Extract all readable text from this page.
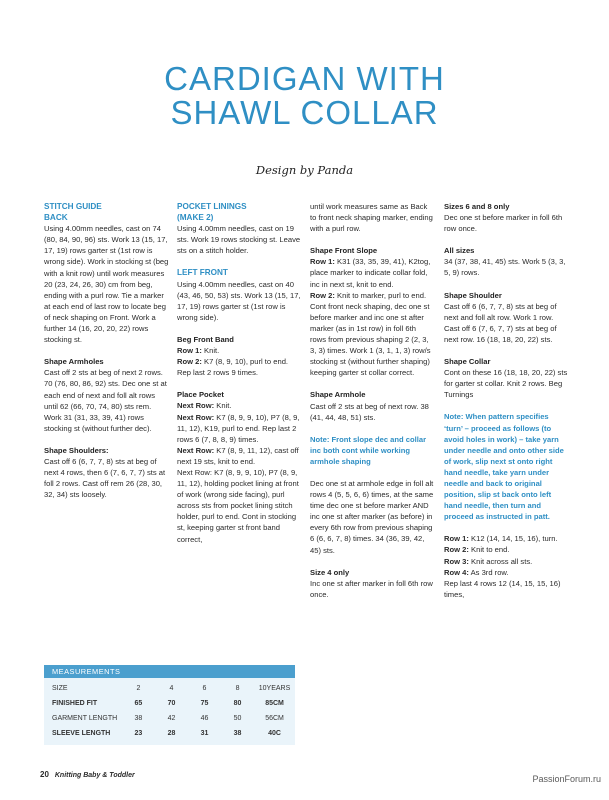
CARDIGAN WITH
SHAWL COLLAR
Design by Panda
STITCH GUIDE
BACK

Using 4.00mm needles, cast on 74 (80, 84, 90, 96) sts. Work 13 (15, 17, 17, 19) rows garter st (1st row is wrong side). Work in stocking st (beg with a knit row) until work measures 20 (23, 24, 26, 30) cm from beg, ending with a purl row. Tie a marker at each end of last row to locate beg of neck shaping on Front. Work a further 14 (16, 20, 20, 22) rows stocking st.

Shape Armholes

Cast off 2 sts at beg of next 2 rows. 70 (76, 80, 86, 92) sts. Dec one st at each end of next and foll alt rows until 62 (66, 70, 74, 80) sts rem. Work 31 (31, 33, 39, 41) rows stocking st (without further dec).

Shape Shoulders:

Cast off 6 (6, 7, 7, 8) sts at beg of next 4 rows, then 6 (7, 6, 7, 7) sts at foll 2 rows. Cast off rem 26 (28, 30, 32, 34) sts loosely.

POCKET LININGS
(MAKE 2)

Using 4.00mm needles, cast on 19 sts. Work 19 rows stocking st. Leave sts on a stitch holder.

LEFT FRONT

Using 4.00mm needles, cast on 40 (43, 46, 50, 53) sts. Work 13 (15, 17, 17, 19) rows garter st (1st row is wrong side).

Beg Front Band

Row 1: Knit.

Row 2: K7 (8, 9, 10), purl to end.

Rep last 2 rows 9 times.

Place Pocket

Next Row: Knit.

Next Row: K7 (8, 9, 9, 10), P7 (8, 9, 11, 12), K19, purl to end. Rep last 2 rows 6 (7, 8, 8, 9) times.

Next Row: K7 (8, 9, 11, 12), cast off next 19 sts, knit to end.

Next Row: K7 (8, 9, 9, 10), P7 (8, 9, 11, 12), holding pocket lining at front of work (wrong side facing), purl across sts from pocket lining stitch holder, purl to end. Cont in stocking st, keeping garter st front band correct,

until work measures same as Back to front neck shaping marker, ending with a purl row.

Shape Front Slope

Row 1: K31 (33, 35, 39, 41), K2tog, place marker to indicate collar fold, inc in next st, knit to end.

Row 2: Knit to marker, purl to end.

Cont front neck shaping, dec one st before marker and inc one st after marker (as in 1st row) in foll 6th rows from previous shaping 2 (2, 3, 3, 3) times. Work 1 (3, 1, 1, 3) row/s stocking st (without further shaping) keeping garter st collar correct.

Shape Armhole

Cast off 2 sts at beg of next row. 38 (41, 44, 48, 51) sts.

Note: Front slope dec and collar inc both cont while working armhole shaping

Dec one st at armhole edge in foll alt rows 4 (5, 5, 6, 6) times, at the same time dec one st before marker AND inc one st after marker (as before) in every 6th row from previous shaping 6 (6, 6, 7, 8) times. 34 (36, 39, 42, 45) sts.

Size 4 only

Inc one st after marker in foll 6th row once.

Sizes 6 and 8 only

Dec one st before marker in foll 6th row once.

All sizes

34 (37, 38, 41, 45) sts. Work 5 (3, 3, 5, 9) rows.

Shape Shoulder

Cast off 6 (6, 7, 7, 8) sts at beg of next and foll alt row. Work 1 row. Cast off 6 (7, 6, 7, 7) sts at beg of next row. 16 (18, 18, 20, 22) sts.

Shape Collar

Cont on these 16 (18, 18, 20, 22) sts for garter st collar. Knit 2 rows. Beg Turnings

Note: When pattern specifies ‘turn’ – proceed as follows (to avoid holes in work) – take yarn under needle and onto other side of work, slip next st onto right hand needle, take yarn under needle and back to original position, slip st back onto left hand needle, then turn and proceed as instructed in patt.

Row 1: K12 (14, 14, 15, 16), turn.

Row 2: Knit to end.

Row 3: Knit across all sts.

Row 4: As 3rd row.

Rep last 4 rows 12 (14, 15, 15, 16) times,

MEASUREMENTS
SIZE	2	4	6	8	10YEARS
FINISHED FIT	65	70	75	80	85CM
GARMENT LENGTH	38	42	46	50	56CM
SLEEVE LENGTH	23	28	31	38	40C
20 Knitting Baby & Toddler	PassionForum.ru
